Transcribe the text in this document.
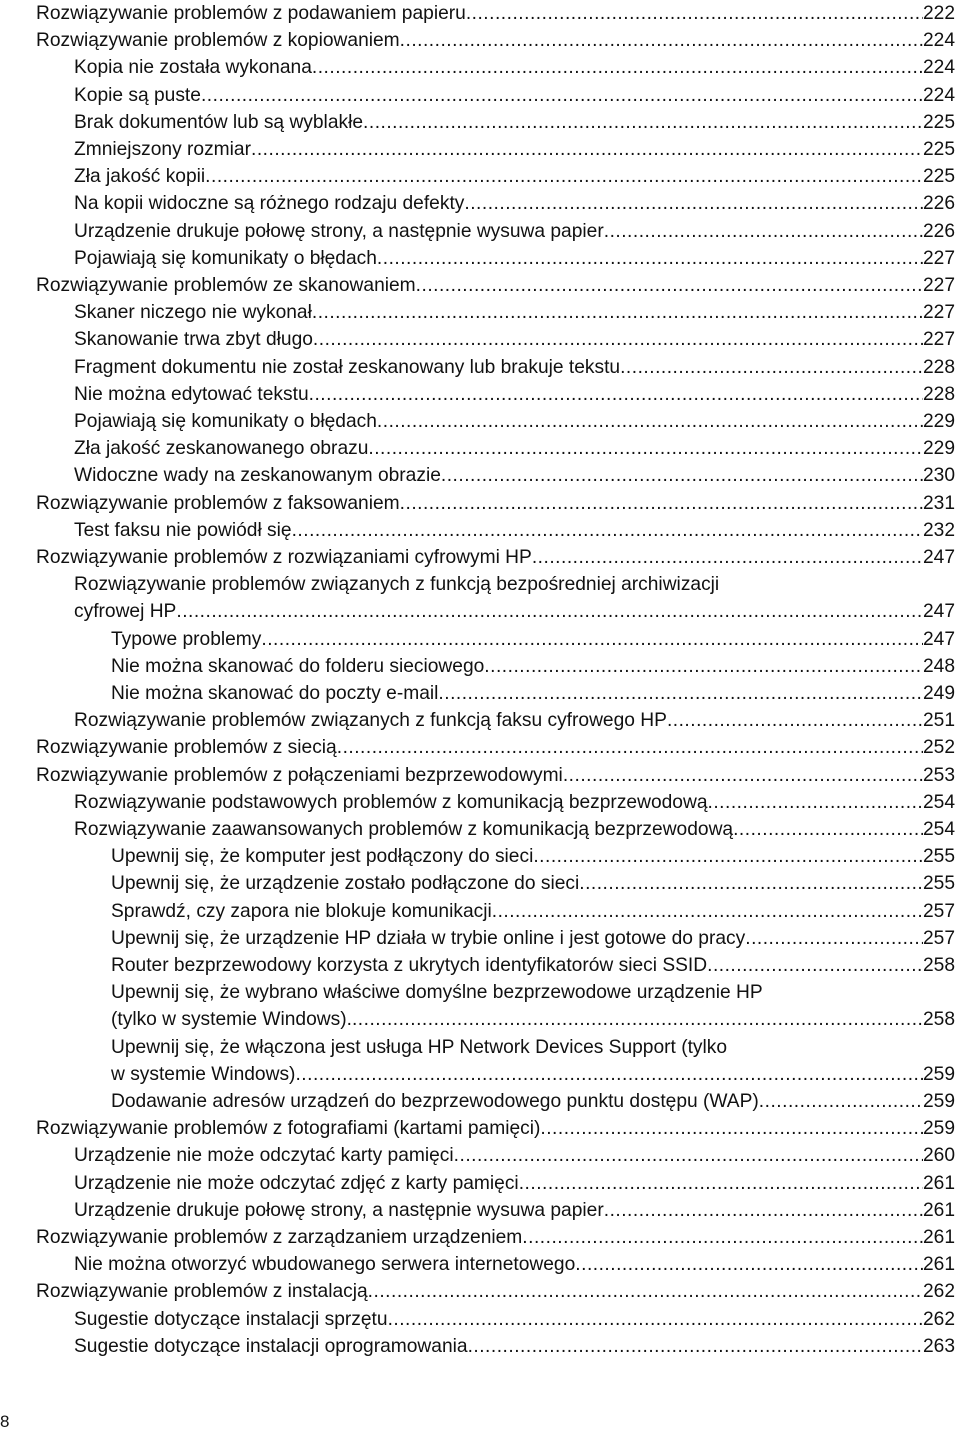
Rozwiązywanie problemów z podawaniem papieru .....	222
Rozwiązywanie problemów z kopiowaniem .....	224
Kopia nie została wykonana .....	224
Kopie są puste .....	224
Brak dokumentów lub są wyblakłe .....	225
Zmniejszony rozmiar .....	225
Zła jakość kopii .....	225
Na kopii widoczne są różnego rodzaju defekty .....	226
Urządzenie drukuje połowę strony, a następnie wysuwa papier .....	226
Pojawiają się komunikaty o błędach .....	227
Rozwiązywanie problemów ze skanowaniem .....	227
Skaner niczego nie wykonał .....	227
Skanowanie trwa zbyt długo .....	227
Fragment dokumentu nie został zeskanowany lub brakuje tekstu .....	228
Nie można edytować tekstu .....	228
Pojawiają się komunikaty o błędach .....	229
Zła jakość zeskanowanego obrazu .....	229
Widoczne wady na zeskanowanym obrazie .....	230
Rozwiązywanie problemów z faksowaniem .....	231
Test faksu nie powiódł się .....	232
Rozwiązywanie problemów z rozwiązaniami cyfrowymi HP .....	247
Rozwiązywanie problemów związanych z funkcją bezpośredniej archiwizacji
cyfrowej HP .....	247
Typowe problemy .....	247
Nie można skanować do folderu sieciowego .....	248
Nie można skanować do poczty e-mail .....	249
Rozwiązywanie problemów związanych z funkcją faksu cyfrowego HP .....	251
Rozwiązywanie problemów z siecią .....	252
Rozwiązywanie problemów z połączeniami bezprzewodowymi .....	253
Rozwiązywanie podstawowych problemów z komunikacją bezprzewodową .....	254
Rozwiązywanie zaawansowanych problemów z komunikacją bezprzewodową .....	254
Upewnij się, że komputer jest podłączony do sieci .....	255
Upewnij się, że urządzenie zostało podłączone do sieci .....	255
Sprawdź, czy zapora nie blokuje komunikacji .....	257
Upewnij się, że urządzenie HP działa w trybie online i jest gotowe do pracy .....	257
Router bezprzewodowy korzysta z ukrytych identyfikatorów sieci SSID .....	258
Upewnij się, że wybrano właściwe domyślne bezprzewodowe urządzenie HP
(tylko w systemie Windows). .....	258
Upewnij się, że włączona jest usługa HP Network Devices Support (tylko
w systemie Windows) .....	259
Dodawanie adresów urządzeń do bezprzewodowego punktu dostępu (WAP) .....	259
Rozwiązywanie problemów z fotografiami (kartami pamięci) .....	259
Urządzenie nie może odczytać karty pamięci .....	260
Urządzenie nie może odczytać zdjęć z karty pamięci .....	261
Urządzenie drukuje połowę strony, a następnie wysuwa papier .....	261
Rozwiązywanie problemów z zarządzaniem urządzeniem .....	261
Nie można otworzyć wbudowanego serwera internetowego .....	261
Rozwiązywanie problemów z instalacją .....	262
Sugestie dotyczące instalacji sprzętu .....	262
Sugestie dotyczące instalacji oprogramowania .....	263
8
